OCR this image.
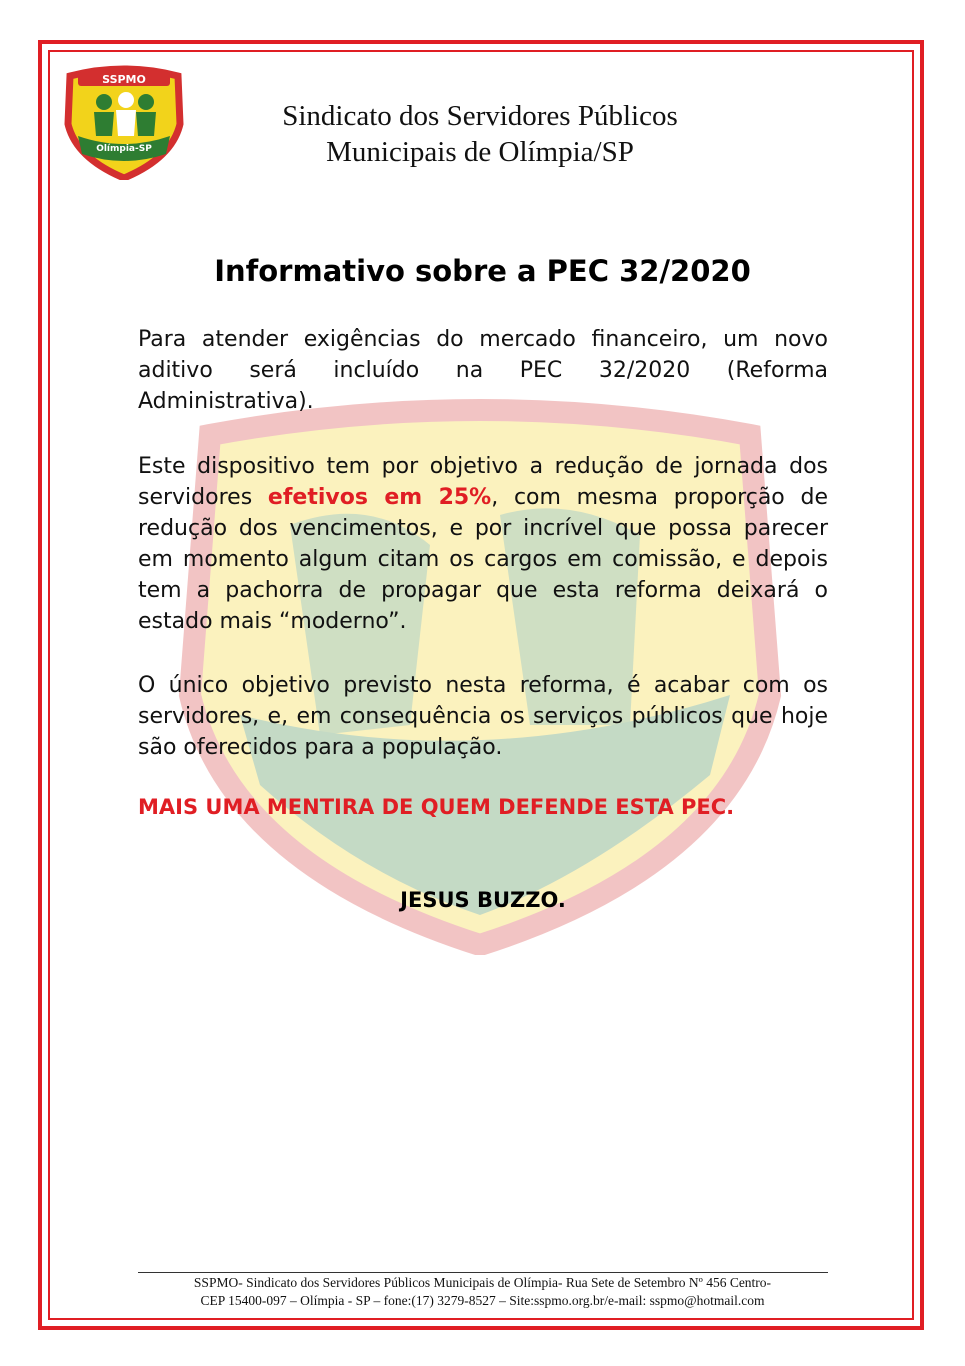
SSPMO
Olímpia-SP
Sindicato dos Servidores Públicos
Municipais de Olímpia/SP
Informativo sobre a PEC 32/2020
Para atender exigências do mercado financeiro, um novo aditivo será incluído na PEC 32/2020 (Reforma Administrativa).
Este dispositivo tem por objetivo a redução de jornada dos servidores efetivos em 25%, com mesma proporção de redução dos vencimentos, e por incrível que possa parecer em momento algum citam os cargos em comissão, e depois tem a pachorra de propagar que esta reforma deixará o estado mais “moderno”.
O único objetivo previsto nesta reforma, é acabar com os servidores, e, em consequência os serviços públicos que hoje são oferecidos para a população.
MAIS UMA MENTIRA DE QUEM DEFENDE ESTA PEC.
JESUS BUZZO.
SSPMO- Sindicato dos Servidores Públicos Municipais de Olímpia- Rua Sete de Setembro Nº 456 Centro-
CEP 15400-097 – Olímpia - SP – fone:(17) 3279-8527 – Site:sspmo.org.br/e-mail: sspmo@hotmail.com
